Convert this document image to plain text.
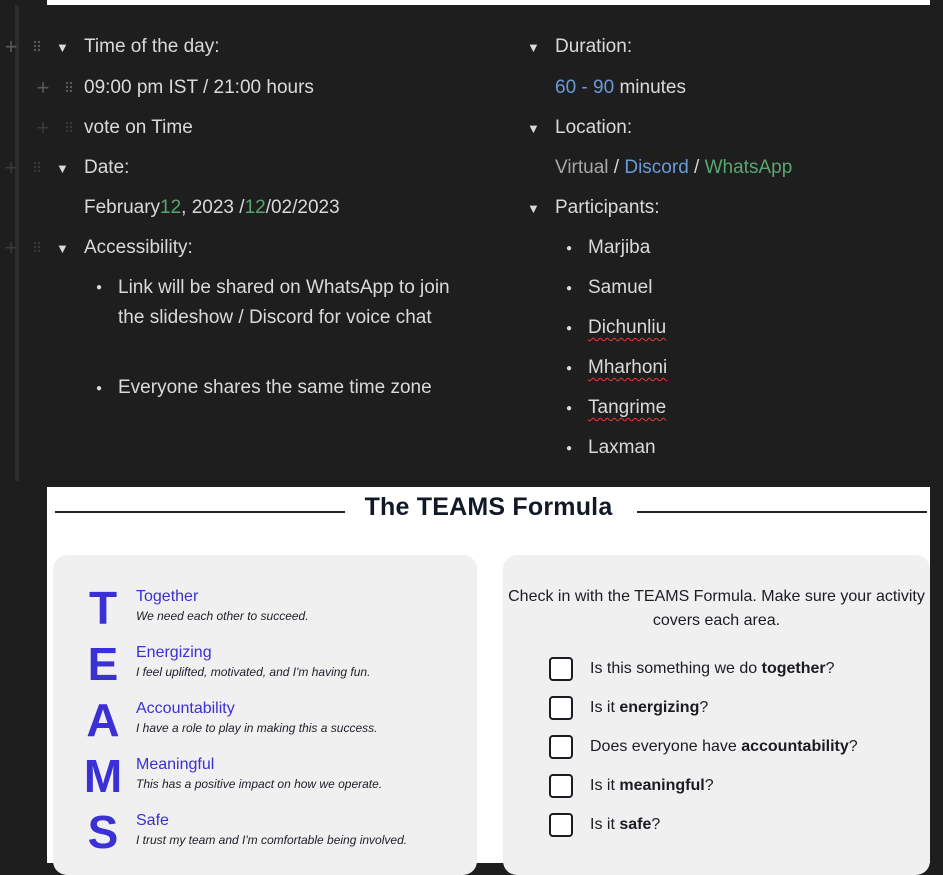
+	⠿	▼ Time of the day:
+	⠿ 09:00 pm IST / 21:00 hours
+	⠿ vote on Time
+	⠿	▼ Date:
February 12 , 2023 / 12 /02/2023
+	⠿	▼ Accessibility:
● Link will be shared on WhatsApp to join the slideshow / Discord for voice chat
● Everyone shares the same time zone
▼ Duration:
60 - 90 minutes
▼ Location:
Virtual / Discord / WhatsApp
▼ Participants:
● Marjiba
● Samuel
● Dichunliu
● Mharhoni
● Tangrime
● Laxman
The TEAMS Formula
T	Together
We need each other to succeed.
E Energizing
I feel uplifted, motivated, and I'm having fun.
A Accountability
I have a role to play in making this a success.
M Meaningful
This has a positive impact on how we operate.
S Safe
I trust my team and I'm comfortable being involved.
Check in with the TEAMS Formula. Make sure your activity covers each area.
Is this something we do together?
Is it energizing?
Does everyone have accountability?
Is it meaningful?
Is it safe?
